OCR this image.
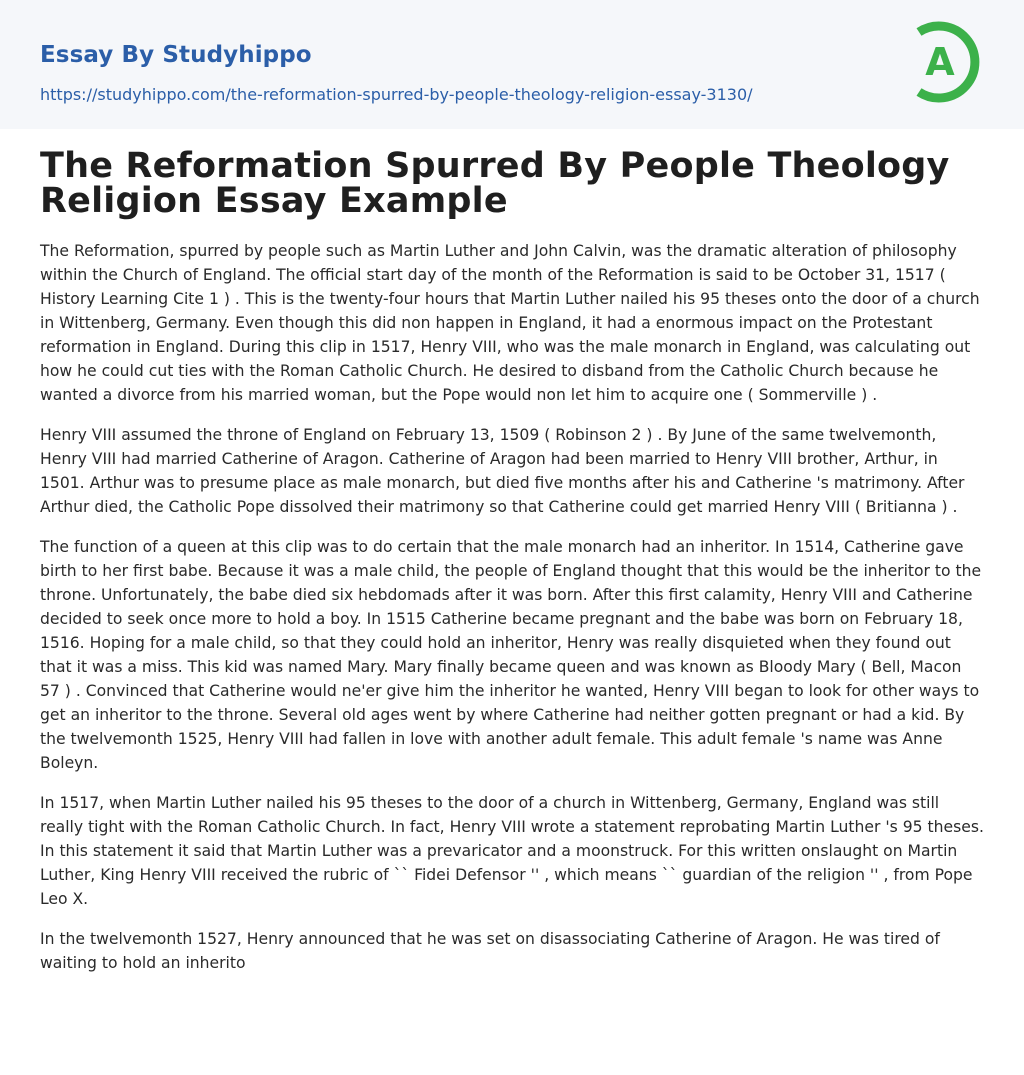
Essay By Studyhippo
https://studyhippo.com/the-reformation-spurred-by-people-theology-religion-essay-3130/
A
The Reformation Spurred By People Theology Religion Essay Example

The Reformation, spurred by people such as Martin Luther and John Calvin, was the dramatic alteration of philosophy within the Church of England. The official start day of the month of the Reformation is said to be October 31, 1517 ( History Learning Cite 1 ) . This is the twenty-four hours that Martin Luther nailed his 95 theses onto the door of a church in Wittenberg, Germany. Even though this did non happen in England, it had a enormous impact on the Protestant reformation in England. During this clip in 1517, Henry VIII, who was the male monarch in England, was calculating out how he could cut ties with the Roman Catholic Church. He desired to disband from the Catholic Church because he wanted a divorce from his married woman, but the Pope would non let him to acquire one ( Sommerville ) .

Henry VIII assumed the throne of England on February 13, 1509 ( Robinson 2 ) . By June of the same twelvemonth, Henry VIII had married Catherine of Aragon. Catherine of Aragon had been married to Henry VIII brother, Arthur, in 1501. Arthur was to presume place as male monarch, but died five months after his and Catherine 's matrimony. After Arthur died, the Catholic Pope dissolved their matrimony so that Catherine could get married Henry VIII ( Britianna ) .

The function of a queen at this clip was to do certain that the male monarch had an inheritor. In 1514, Catherine gave birth to her first babe. Because it was a male child, the people of England thought that this would be the inheritor to the throne. Unfortunately, the babe died six hebdomads after it was born. After this first calamity, Henry VIII and Catherine decided to seek once more to hold a boy. In 1515 Catherine became pregnant and the babe was born on February 18, 1516. Hoping for a male child, so that they could hold an inheritor, Henry was really disquieted when they found out that it was a miss. This kid was named Mary. Mary finally became queen and was known as Bloody Mary ( Bell, Macon 57 ) . Convinced that Catherine would ne'er give him the inheritor he wanted, Henry VIII began to look for other ways to get an inheritor to the throne. Several old ages went by where Catherine had neither gotten pregnant or had a kid. By the twelvemonth 1525, Henry VIII had fallen in love with another adult female. This adult female 's name was Anne Boleyn.

In 1517, when Martin Luther nailed his 95 theses to the door of a church in Wittenberg, Germany, England was still really tight with the Roman Catholic Church. In fact, Henry VIII wrote a statement reprobating Martin Luther 's 95 theses. In this statement it said that Martin Luther was a prevaricator and a moonstruck. For this written onslaught on Martin Luther, King Henry VIII received the rubric of `` Fidei Defensor '' , which means `` guardian of the religion '' , from Pope Leo X.

In the twelvemonth 1527, Henry announced that he was set on disassociating Catherine of Aragon. He was tired of waiting to hold an inherito
